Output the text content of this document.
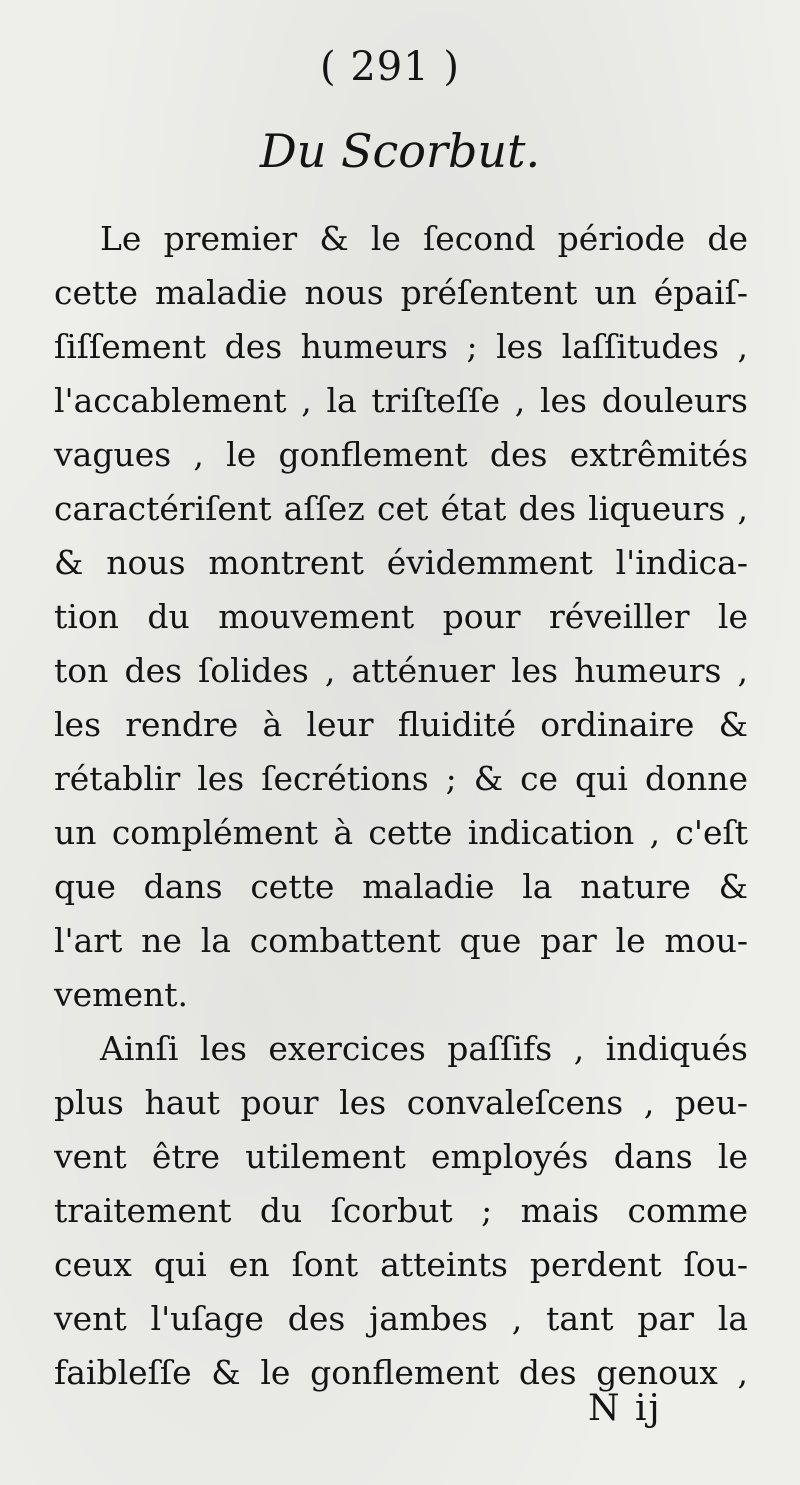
( 291 )
Du Scorbut.
Le premier & le ſecond période de
cette maladie nous préſentent un épaiſ-
ſiſſement des humeurs ; les laſſitudes ,
l'accablement , la triſteſſe , les douleurs
vagues , le gonflement des extrêmités
caractériſent aſſez cet état des liqueurs ,
& nous montrent évidemment l'indica-
tion du mouvement pour réveiller le
ton des ſolides , atténuer les humeurs ,
les rendre à leur fluidité ordinaire &
rétablir les ſecrétions ; & ce qui donne
un complément à cette indication , c'eſt
que dans cette maladie la nature &
l'art ne la combattent que par le mou-
vement.
Ainſi les exercices paſſifs , indiqués
plus haut pour les convaleſcens , peu-
vent être utilement employés dans le
traitement du ſcorbut ; mais comme
ceux qui en ſont atteints perdent ſou-
vent l'uſage des jambes , tant par la
faibleſſe & le gonflement des genoux ,
N ij
